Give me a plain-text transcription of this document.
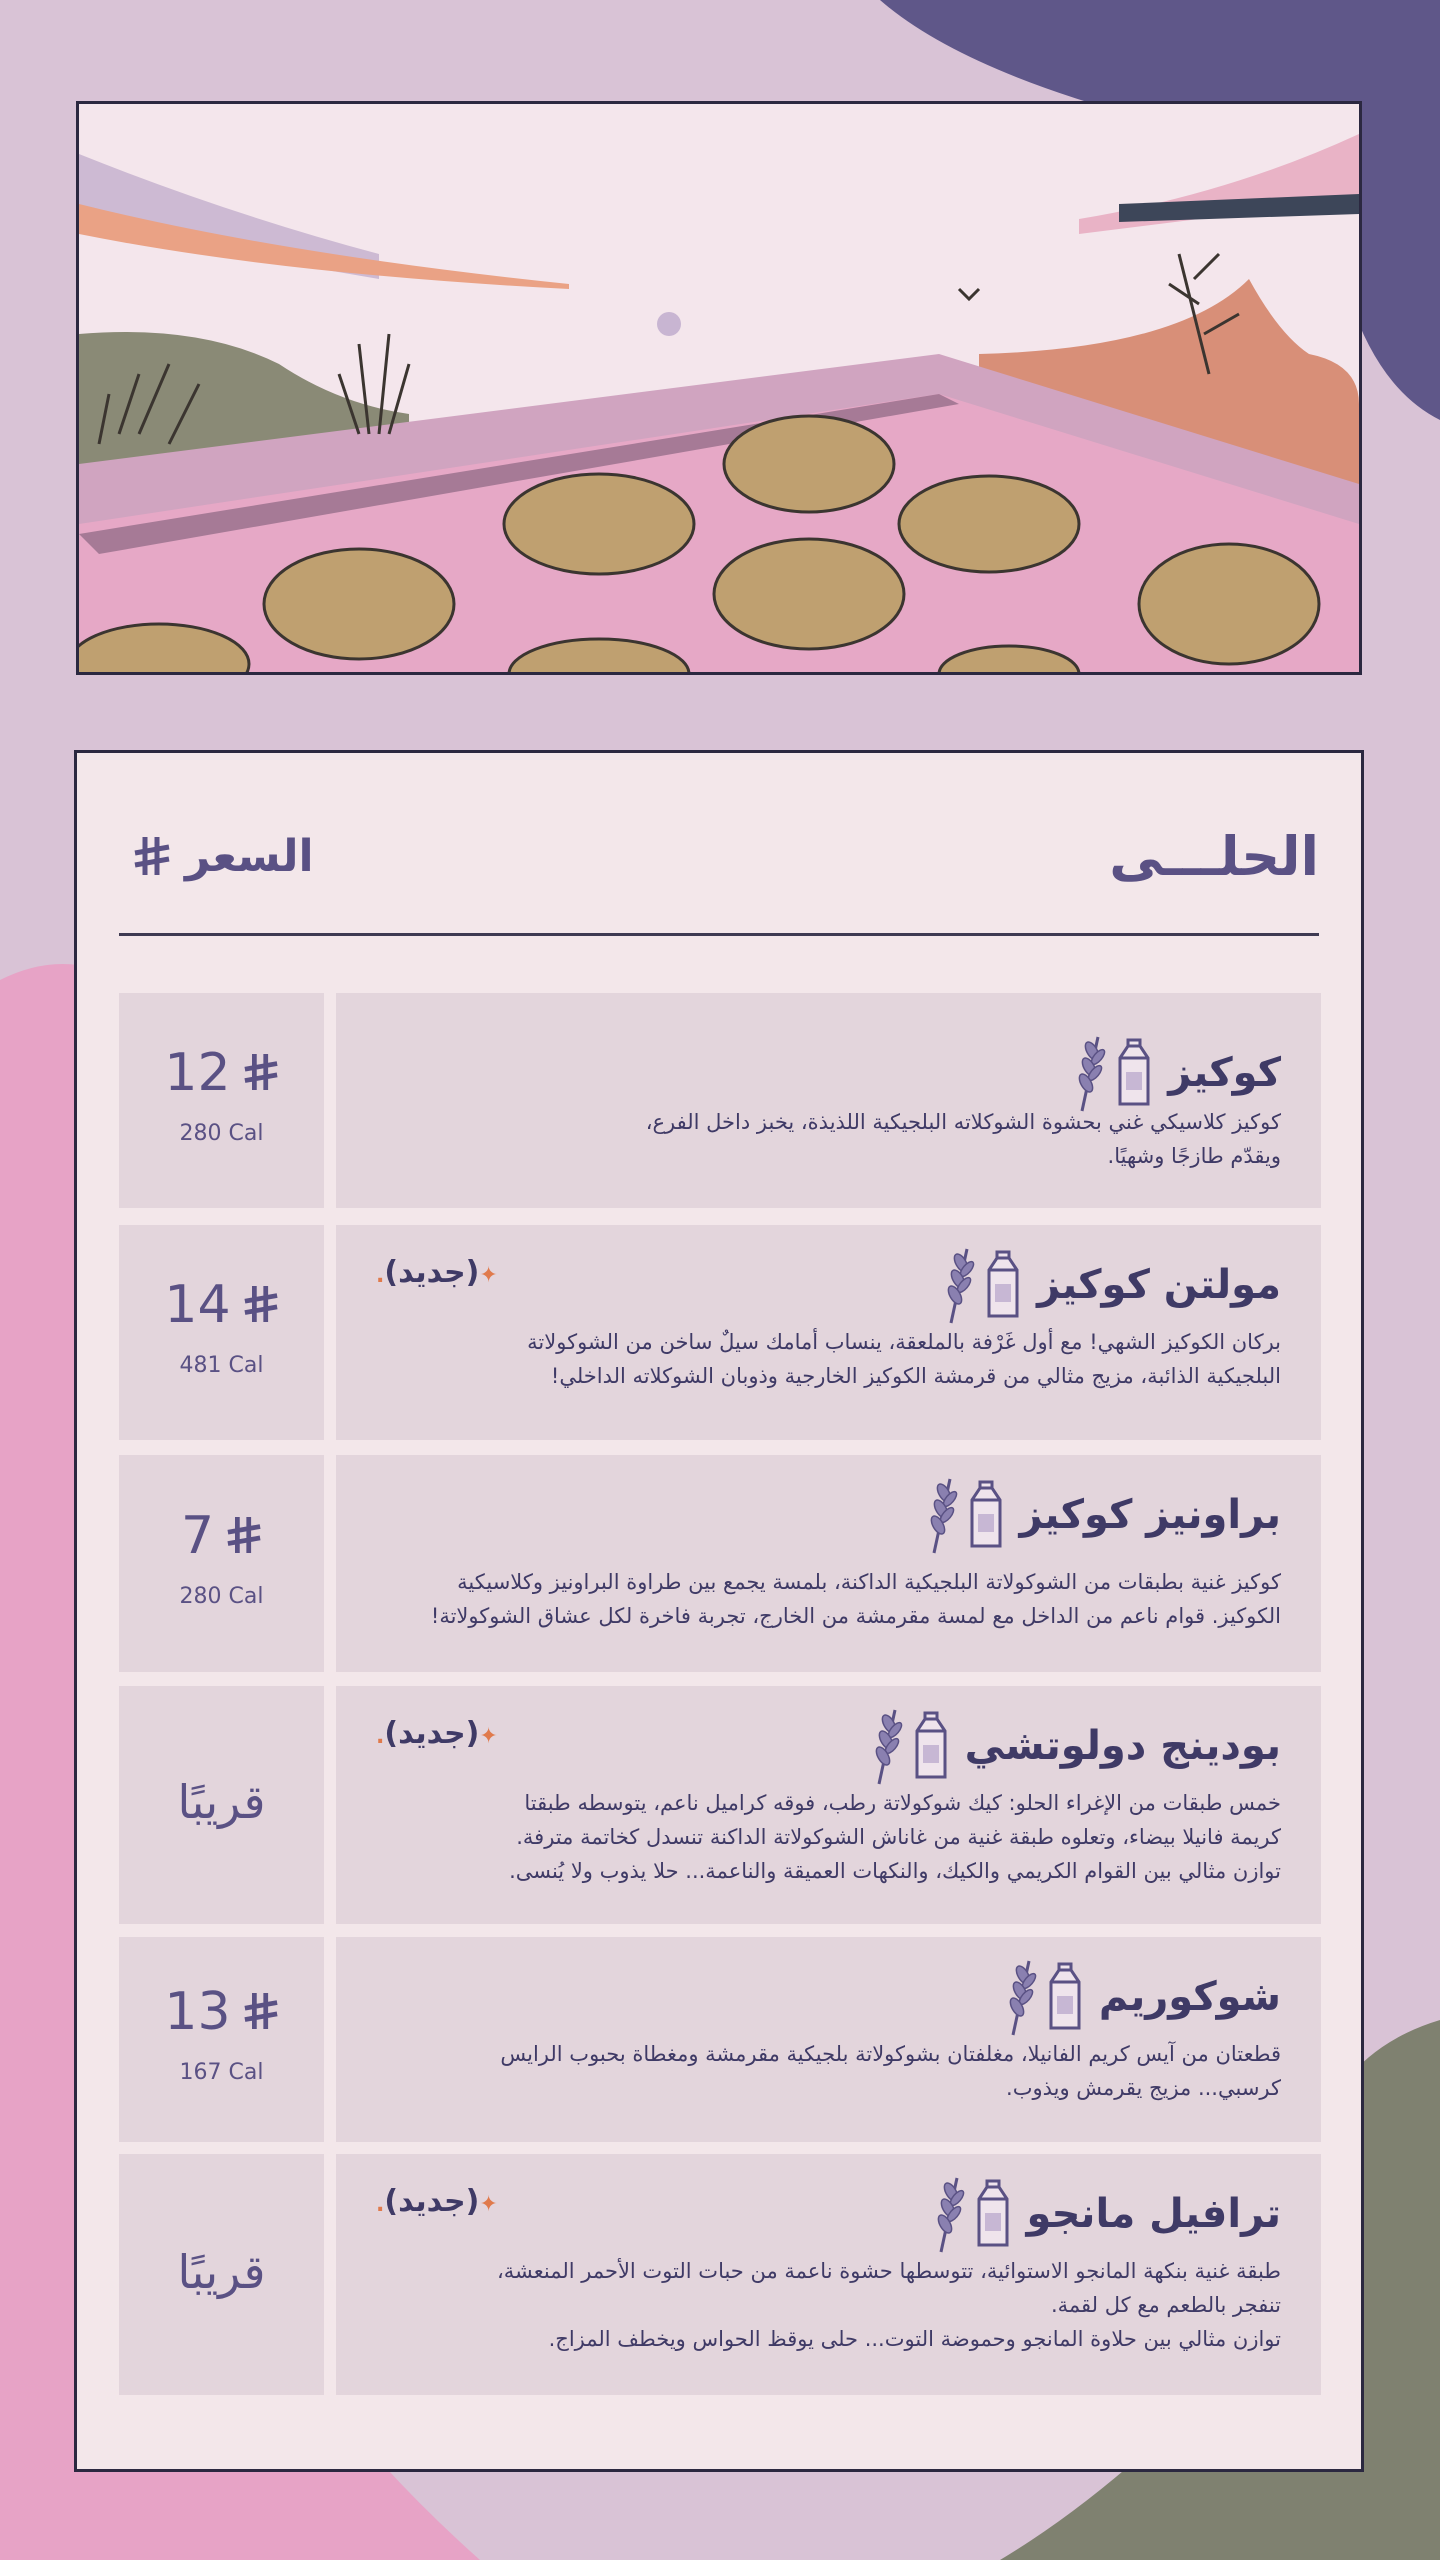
الحلـــى
السعر
12
280 Cal
كوكيز
كوكيز كلاسيكي غني بحشوة الشوكلاته البلجيكية اللذيذة، يخبز داخل الفرع،
ويقدّم طازجًا وشهيًا.
14
481 Cal
مولتن كوكيز
✦(جديد).
بركان الكوكيز الشهي! مع أول غَرْفة بالملعقة، ينساب أمامك سيلٌ ساخن من الشوكولاتة
البلجيكية الذائبة، مزيج مثالي من قرمشة الكوكيز الخارجية وذوبان الشوكلاته الداخلي!
7
280 Cal
براونيز كوكيز
كوكيز غنية بطبقات من الشوكولاتة البلجيكية الداكنة، بلمسة يجمع بين طراوة البراونيز وكلاسيكية
الكوكيز. قوام ناعم من الداخل مع لمسة مقرمشة من الخارج، تجربة فاخرة لكل عشاق الشوكولاتة!
قريبًا
بودينج دولوتشي
✦(جديد).
خمس طبقات من الإغراء الحلو: كيك شوكولاتة رطب، فوقه كراميل ناعم، يتوسطه طبقتا
كريمة فانيلا بيضاء، وتعلوه طبقة غنية من غاناش الشوكولاتة الداكنة تنسدل كخاتمة مترفة.
توازن مثالي بين القوام الكريمي والكيك، والنكهات العميقة والناعمة... حلا يذوب ولا يُنسى.
13
167 Cal
شوكوريم
قطعتان من آيس كريم الفانيلا، مغلفتان بشوكولاتة بلجيكية مقرمشة ومغطاة بحبوب الرايس
كرسبي... مزيج يقرمش ويذوب.
قريبًا
ترافيل مانجو
✦(جديد).
طبقة غنية بنكهة المانجو الاستوائية، تتوسطها حشوة ناعمة من حبات التوت الأحمر المنعشة،
تنفجر بالطعم مع كل لقمة.
توازن مثالي بين حلاوة المانجو وحموضة التوت... حلى يوقظ الحواس ويخطف المزاج.
